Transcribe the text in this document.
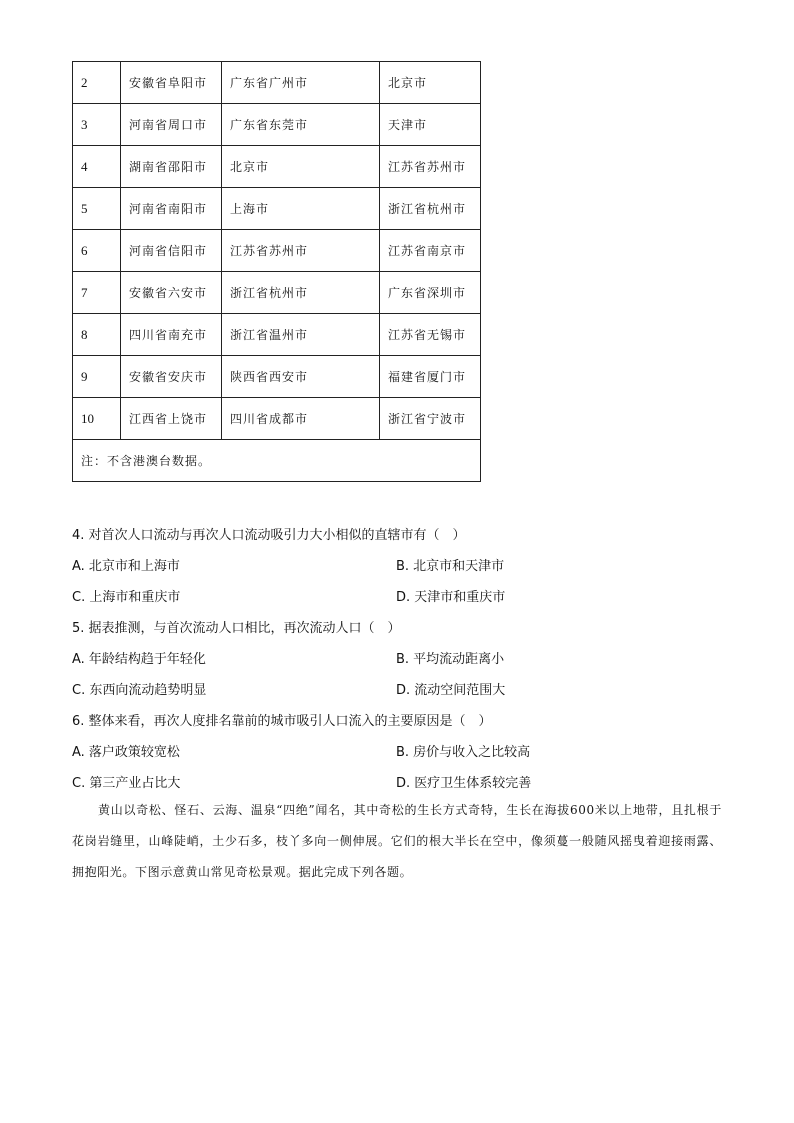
2	安徽省阜阳市	广东省广州市	北京市
3	河南省周口市	广东省东莞市	天津市
4	湖南省邵阳市	北京市	江苏省苏州市
5	河南省南阳市	上海市	浙江省杭州市
6	河南省信阳市	江苏省苏州市	江苏省南京市
7	安徽省六安市	浙江省杭州市	广东省深圳市
8	四川省南充市	浙江省温州市	江苏省无锡市
9	安徽省安庆市	陕西省西安市	福建省厦门市
10	江西省上饶市	四川省成都市	浙江省宁波市
注：不含港澳台数据。			
4. 对首次人口流动与再次人口流动吸引力大小相似的直辖市有（　）
A. 北京市和上海市	B. 北京市和天津市
C. 上海市和重庆市	D. 天津市和重庆市
5. 据表推测，与首次流动人口相比，再次流动人口（　）
A. 年龄结构趋于年轻化	B. 平均流动距离小
C. 东西向流动趋势明显	D. 流动空间范围大
6. 整体来看，再次人度排名靠前的城市吸引人口流入的主要原因是（　）
A. 落户政策较宽松	B. 房价与收入之比较高
C. 第三产业占比大	D. 医疗卫生体系较完善
黄山以奇松、怪石、云海、温泉“四绝”闻名，其中奇松的生长方式奇特，生长在海拔600米以上地带，且扎根于花岗岩缝里，山峰陡峭，土少石多，枝丫多向一侧伸展。它们的根大半长在空中，像须蔓一般随风摇曳着迎接雨露、拥抱阳光。下图示意黄山常见奇松景观。据此完成下列各题。
